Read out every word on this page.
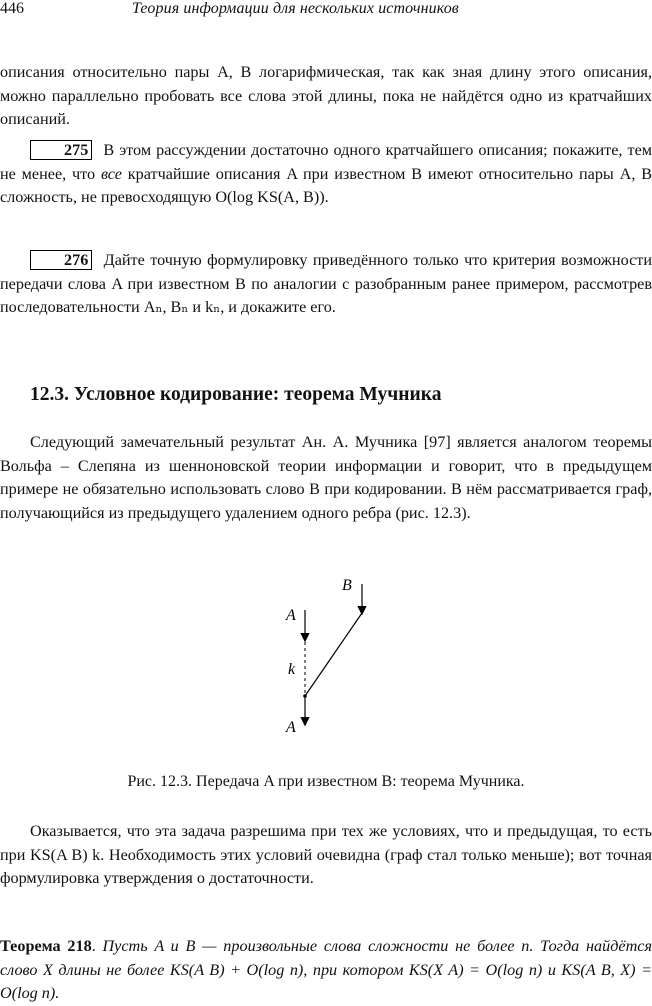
446	Теория информации для нескольких источников

описания относительно пары A, B логарифмическая, так как зная длину этого описания, можно параллельно пробовать все слова этой длины, пока не найдётся одно из кратчайших описаний.

275 В этом рассуждении достаточно одного кратчайшего описания; покажите, тем не менее, что все кратчайшие описания A при известном B имеют относительно пары A, B сложность, не превосходящую O(log KS(A, B)).

276 Дайте точную формулировку приведённого только что критерия возможности передачи слова A при известном B по аналогии с разобранным ранее примером, рассмотрев последовательности Aₙ, Bₙ и kₙ, и докажите его.

12.3. Условное кодирование: теорема Мучника

Следующий замечательный результат Ан. А. Мучника [97] является аналогом теоремы Вольфа – Слепяна из шенноновской теории информации и говорит, что в предыдущем примере не обязательно использовать слово B при кодировании. В нём рассматривается граф, получающийся из предыдущего удалением одного ребра (рис. 12.3).

B
A
k
A
Рис. 12.3. Передача A при известном B: теорема Мучника.

Оказывается, что эта задача разрешима при тех же условиях, что и предыдущая, то есть при KS(A B) k. Необходимость этих условий очевидна (граф стал только меньше); вот точная формулировка утверждения о достаточности.

Теорема 218. Пусть A и B — произвольные слова сложности не более n. Тогда найдётся слово X длины не более KS(A B) + O(log n), при котором KS(X A) = O(log n) и KS(A B, X) = O(log n).
